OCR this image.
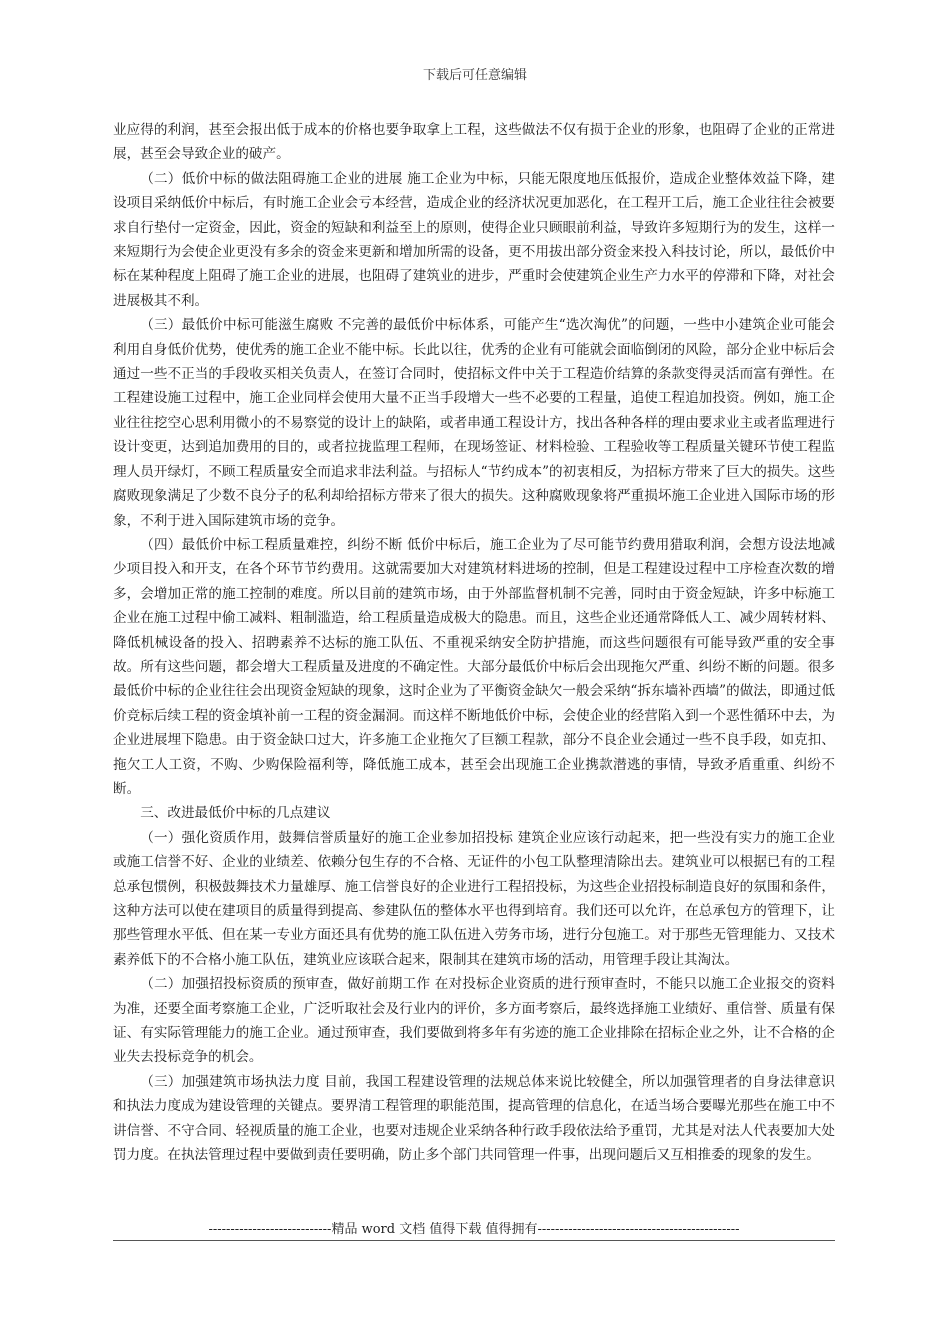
下载后可任意编辑

业应得的利润，甚至会报出低于成本的价格也要争取拿上工程，这些做法不仅有损于企业的形象，也阻碍了企业的正常进展，甚至会导致企业的破产。

（二）低价中标的做法阻碍施工企业的进展 施工企业为中标，只能无限度地压低报价，造成企业整体效益下降，建设项目采纳低价中标后，有时施工企业会亏本经营，造成企业的经济状况更加恶化，在工程开工后，施工企业往往会被要求自行垫付一定资金，因此，资金的短缺和利益至上的原则，使得企业只顾眼前利益，导致许多短期行为的发生，这样一来短期行为会使企业更没有多余的资金来更新和增加所需的设备，更不用拔出部分资金来投入科技讨论，所以，最低价中标在某种程度上阻碍了施工企业的进展，也阻碍了建筑业的进步，严重时会使建筑企业生产力水平的停滞和下降，对社会进展极其不利。

（三）最低价中标可能滋生腐败 不完善的最低价中标体系，可能产生“选次淘优”的问题，一些中小建筑企业可能会利用自身低价优势，使优秀的施工企业不能中标。长此以往，优秀的企业有可能就会面临倒闭的风险，部分企业中标后会通过一些不正当的手段收买相关负责人，在签订合同时，使招标文件中关于工程造价结算的条款变得灵活而富有弹性。在工程建设施工过程中，施工企业同样会使用大量不正当手段增大一些不必要的工程量，追使工程追加投资。例如，施工企业往往挖空心思利用微小的不易察觉的设计上的缺陷，或者串通工程设计方，找出各种各样的理由要求业主或者监理进行设计变更，达到追加费用的目的，或者拉拢监理工程师，在现场签证、材料检验、工程验收等工程质量关键环节使工程监理人员开绿灯，不顾工程质量安全而追求非法利益。与招标人“节约成本”的初衷相反，为招标方带来了巨大的损失。这些腐败现象满足了少数不良分子的私利却给招标方带来了很大的损失。这种腐败现象将严重损坏施工企业进入国际市场的形象，不利于进入国际建筑市场的竞争。

（四）最低价中标工程质量难控，纠纷不断 低价中标后，施工企业为了尽可能节约费用猎取利润，会想方设法地减少项目投入和开支，在各个环节节约费用。这就需要加大对建筑材料进场的控制，但是工程建设过程中工序检查次数的增多，会增加正常的施工控制的难度。所以目前的建筑市场，由于外部监督机制不完善，同时由于资金短缺，许多中标施工企业在施工过程中偷工减料、粗制滥造，给工程质量造成极大的隐患。而且，这些企业还通常降低人工、减少周转材料、降低机械设备的投入、招聘素养不达标的施工队伍、不重视采纳安全防护措施，而这些问题很有可能导致严重的安全事故。所有这些问题，都会增大工程质量及进度的不确定性。大部分最低价中标后会出现拖欠严重、纠纷不断的问题。很多最低价中标的企业往往会出现资金短缺的现象，这时企业为了平衡资金缺欠一般会采纳“拆东墙补西墙”的做法，即通过低价竞标后续工程的资金填补前一工程的资金漏洞。而这样不断地低价中标，会使企业的经营陷入到一个恶性循环中去，为企业进展埋下隐患。由于资金缺口过大，许多施工企业拖欠了巨额工程款，部分不良企业会通过一些不良手段，如克扣、拖欠工人工资，不购、少购保险福利等，降低施工成本，甚至会出现施工企业携款潜逃的事情，导致矛盾重重、纠纷不断。

三、改进最低价中标的几点建议

（一）强化资质作用，鼓舞信誉质量好的施工企业参加招投标 建筑企业应该行动起来，把一些没有实力的施工企业或施工信誉不好、企业的业绩差、依赖分包生存的不合格、无证件的小包工队整理清除出去。建筑业可以根据已有的工程总承包惯例，积极鼓舞技术力量雄厚、施工信誉良好的企业进行工程招投标，为这些企业招投标制造良好的氛围和条件，这种方法可以使在建项目的质量得到提高、参建队伍的整体水平也得到培育。我们还可以允许，在总承包方的管理下，让那些管理水平低、但在某一专业方面还具有优势的施工队伍进入劳务市场，进行分包施工。对于那些无管理能力、又技术素养低下的不合格小施工队伍，建筑业应该联合起来，限制其在建筑市场的活动，用管理手段让其淘汰。

（二）加强招投标资质的预审查，做好前期工作 在对投标企业资质的进行预审查时，不能只以施工企业报交的资料为准，还要全面考察施工企业，广泛听取社会及行业内的评价，多方面考察后，最终选择施工业绩好、重信誉、质量有保证、有实际管理能力的施工企业。通过预审查，我们要做到将多年有劣迹的施工企业排除在招标企业之外，让不合格的企业失去投标竞争的机会。

（三）加强建筑市场执法力度 目前，我国工程建设管理的法规总体来说比较健全，所以加强管理者的自身法律意识和执法力度成为建设管理的关键点。要界清工程管理的职能范围，提高管理的信息化，在适当场合要曝光那些在施工中不讲信誉、不守合同、轻视质量的施工企业，也要对违规企业采纳各种行政手段依法给予重罚，尤其是对法人代表要加大处罚力度。在执法管理过程中要做到责任要明确，防止多个部门共同管理一件事，出现问题后又互相推委的现象的发生。

----------------------------精品 word 文档 值得下载 值得拥有----------------------------------------------
